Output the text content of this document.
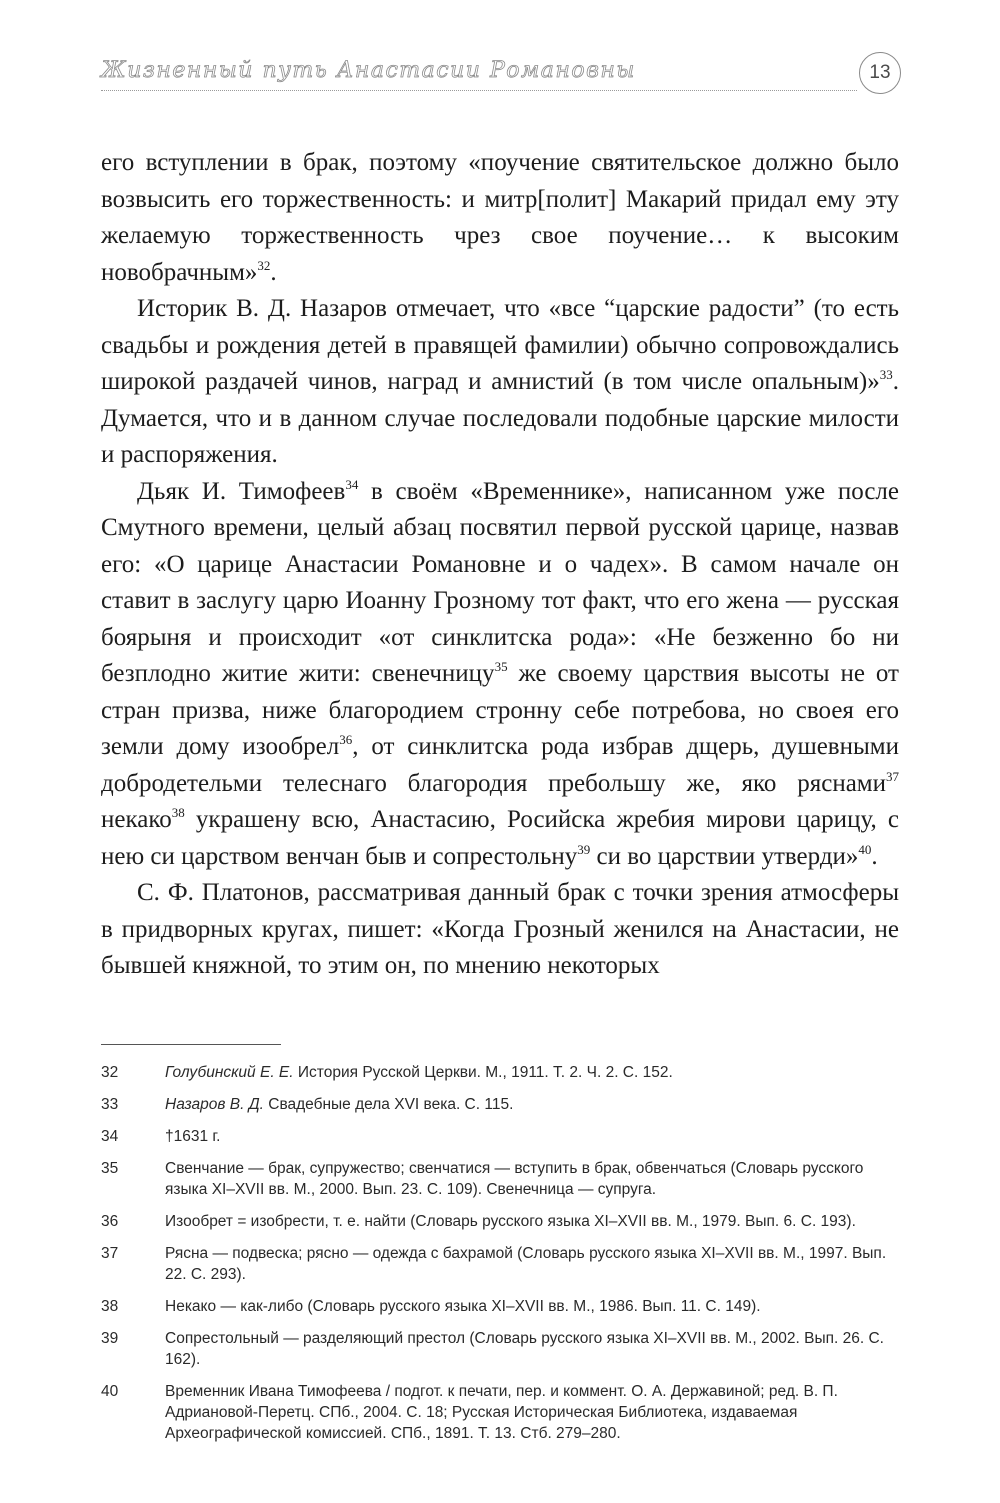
Жизненный путь Анастасии Романовны	13

его вступлении в брак, поэтому «поучение святительское должно было возвысить его торжественность: и митр[полит] Макарий придал ему эту желаемую торжественность чрез свое поучение… к высоким новобрачным»$^{32}$.

Историк В. Д. Назаров отмечает, что «все “царские радости” (то есть свадьбы и рождения детей в правящей фамилии) обычно сопровождались широкой раздачей чинов, наград и амнистий (в том числе опальным)»$^{33}$. Думается, что и в данном случае последовали подобные царские милости и распоряжения.

Дьяк И. Тимофеев$^{34}$ в своём «Временнике», написанном уже после Смутного времени, целый абзац посвятил первой русской царице, назвав его: «О царице Анастасии Романовне и о чадех». В самом начале он ставит в заслугу царю Иоанну Грозному тот факт, что его жена — русская боярыня и происходит «от синклитска рода»: «Не безженно бо ни безплодно житие жити: свенечницу$^{35}$ же своему царствия высоты не от стран призва, ниже благородием стронну себе потребова, но своея его земли дому изообрел$^{36}$, от синклитска рода избрав дщерь, душевными добродетельми телеснаго благородия пребольшу же, яко ряснами$^{37}$ некако$^{38}$ украшену всю, Анастасию, Росийска жребия мирови царицу, с нею си царством венчан быв и сопрестольну$^{39}$ си во царствии утверди»$^{40}$.

С. Ф. Платонов, рассматривая данный брак с точки зрения атмосферы в придворных кругах, пишет: «Когда Грозный женился на Анастасии, не бывшей княжной, то этим он, по мнению некоторых

32	Голубинский Е. Е. История Русской Церкви. М., 1911. Т. 2. Ч. 2. С. 152.
33	Назаров В. Д. Свадебные дела XVI века. С. 115.
34	†1631 г.
35	Свенчание — брак, супружество; свенчатися — вступить в брак, обвенчаться (Словарь русского языка XI–XVII вв. М., 2000. Вып. 23. С. 109). Свенечница — супруга.
36	Изообрет = изобрести, т. е. найти (Словарь русского языка XI–XVII вв. М., 1979. Вып. 6. С. 193).
37	Рясна — подвеска; рясно — одежда с бахрамой (Словарь русского языка XI–XVII вв. М., 1997. Вып. 22. С. 293).
38	Некако — как-либо (Словарь русского языка XI–XVII вв. М., 1986. Вып. 11. С. 149).
39	Сопрестольный — разделяющий престол (Словарь русского языка XI–XVII вв. М., 2002. Вып. 26. С. 162).
40	Временник Ивана Тимофеева / подгот. к печати, пер. и коммент. О. А. Державиной; ред. В. П. Адриановой-Перетц. СПб., 2004. С. 18; Русская Историческая Библиотека, издаваемая Археографической комиссией. СПб., 1891. Т. 13. Стб. 279–280.
